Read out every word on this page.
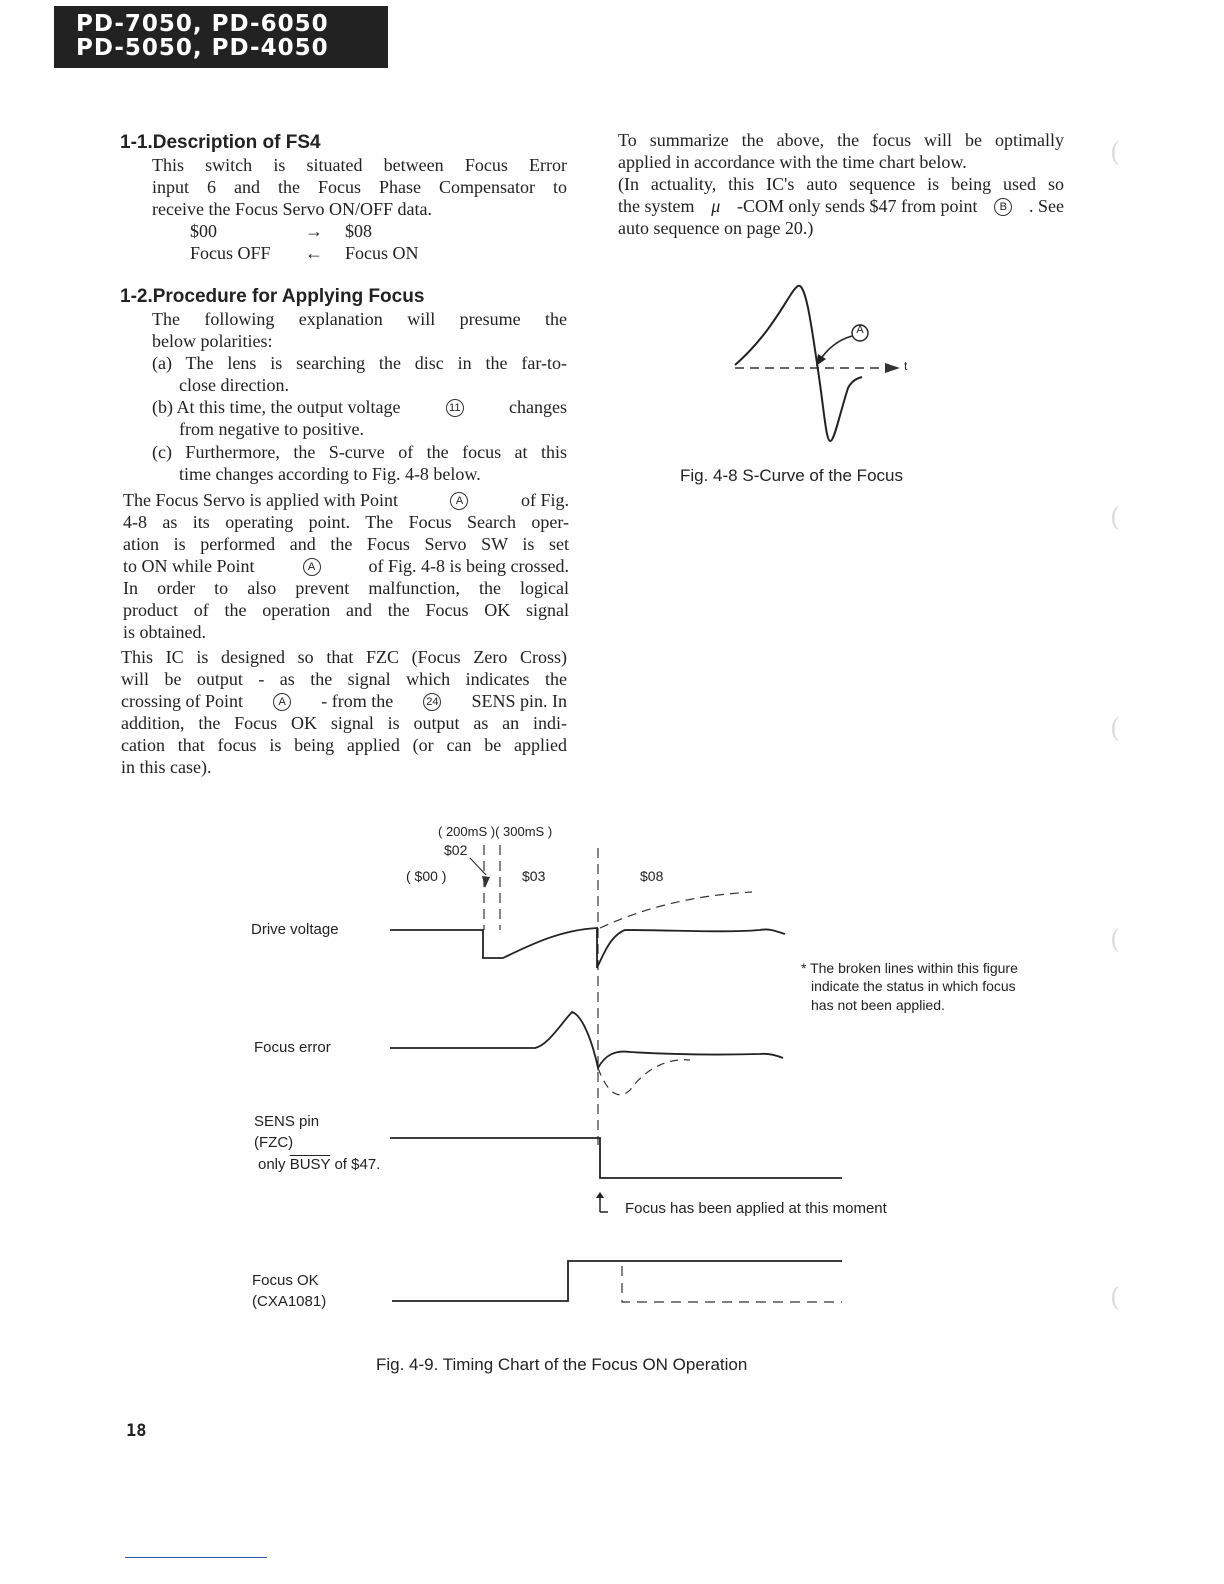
PD-7050, PD-6050
PD-5050, PD-4050
1-1.Description of FS4
This switch is situated between Focus Error
input 6 and the Focus Phase Compensator to
receive the Focus Servo ON/OFF data.
$00	→ $08
Focus OFF ← Focus ON
1-2.Procedure for Applying Focus
The following explanation will presume the
below polarities:
(a) The lens is searching the disc in the far-to-
close direction.
(b) At this time, the output voltage	11	changes
from negative to positive.
(c) Furthermore, the S-curve of the focus at this
time changes according to Fig. 4-8 below.
The Focus Servo is applied with Point	A	of Fig.
4-8 as its operating point. The Focus Search oper-
ation is performed and the Focus Servo SW is set
to ON while Point	A	of Fig. 4-8 is being crossed.
In order to also prevent malfunction, the logical
product of the operation and the Focus OK signal
is obtained.
This IC is designed so that FZC (Focus Zero Cross)
will be output - as the signal which indicates the
crossing of Point	A - from the	24 SENS pin. In
addition, the Focus OK signal is output as an indi-
cation that focus is being applied (or can be applied
in this case).
To summarize the above, the focus will be optimally
applied in accordance with the time chart below.
(In actuality, this IC's auto sequence is being used so
the system μ -COM only sends $47 from point	B . See
auto sequence on page 20.)
A
t
Fig. 4-8 S-Curve of the Focus
( 200mS )( 300mS )
$02
( $00 )	$03	$08
Drive voltage
Focus error
SENS pin
(FZC)
only BUSY of $47.
Focus OK
(CXA1081)
* The broken lines within this figure
indicate the status in which focus
has not been applied.
Focus has been applied at this moment
Fig. 4-9. Timing Chart of the Focus ON Operation
(
(
(
(
(
18
